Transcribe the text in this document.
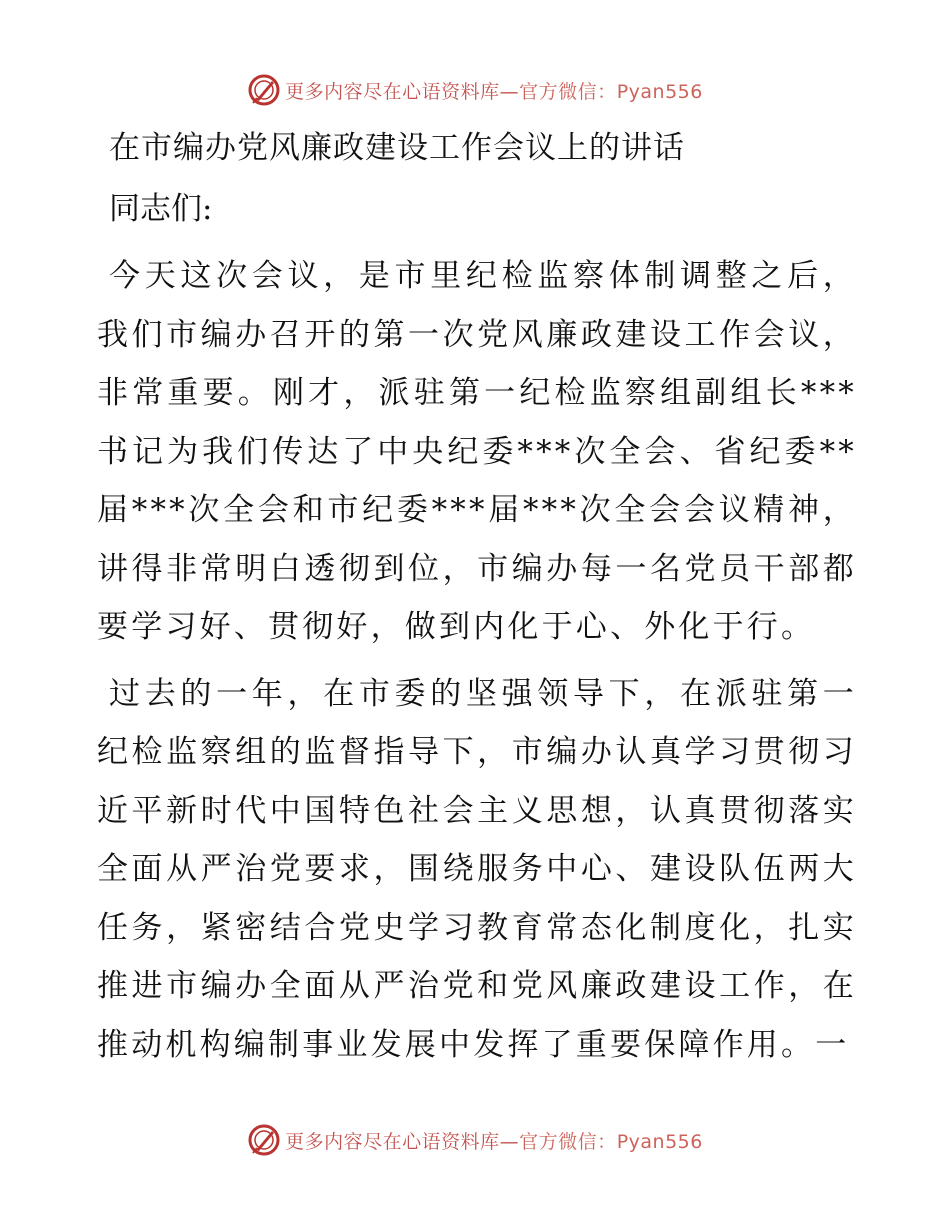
更多内容尽在心语资料库—官方微信：Pyan556
在市编办党风廉政建设工作会议上的讲话

同志们:

今天这次会议，是市里纪检监察体制调整之后，我们市编办召开的第一次党风廉政建设工作会议，非常重要。刚才，派驻第一纪检监察组副组长***书记为我们传达了中央纪委***次全会、省纪委**届***次全会和市纪委***届***次全会会议精神，讲得非常明白透彻到位，市编办每一名党员干部都要学习好、贯彻好，做到内化于心、外化于行。

过去的一年，在市委的坚强领导下，在派驻第一纪检监察组的监督指导下，市编办认真学习贯彻习近平新时代中国特色社会主义思想，认真贯彻落实全面从严治党要求，围绕服务中心、建设队伍两大任务，紧密结合党史学习教育常态化制度化，扎实推进市编办全面从严治党和党风廉政建设工作，在推动机构编制事业发展中发挥了重要保障作用。一

更多内容尽在心语资料库—官方微信：Pyan556
